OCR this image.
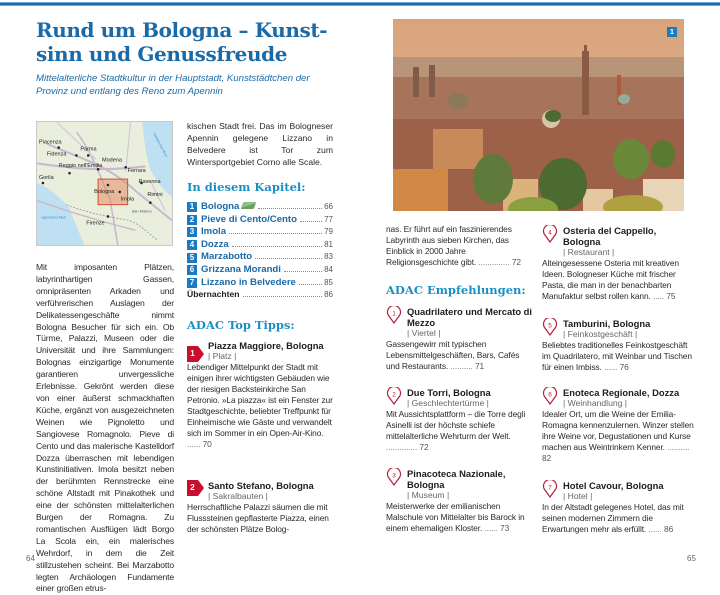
Rund um Bologna – Kunstsinn und Genussfreude

Mittelalterliche Stadtkultur in der Hauptstadt, Kunststädtchen der Provinz und entlang des Reno zum Apennin

Piacenza
Fidenza
Parma
Reggio nell'Emilia
Gorila
Modena
Ferrara
Bologna
Imola
Ravenna
Rimini
Firenze
San Marino
Ligurisches Meer
Adriatisches Meer

Mit imposanten Plätzen, labyrinthartigen Gassen, omnipräsenten Arkaden und verführerischen Auslagen der Delikatessengeschäfte nimmt Bologna Besucher für sich ein. Ob Türme, Palazzi, Museen oder die Universität und ihre Sammlungen: Bolognas einzigartige Monumente garantieren unvergessliche Erlebnisse. Gekrönt werden diese von einer äußerst schmackhaften Küche, ergänzt von ausgezeichneten Weinen wie Pignoletto und Sangiovese Romagnolo. Pieve di Cento und das malerische Kastelldorf Dozza überraschen mit lebendigen Kunstinitiativen. Imola besitzt neben der berühmten Rennstrecke eine schöne Altstadt mit Pinakothek und eine der schönsten mittelalterlichen Burgen der Romagna. Zu romantischen Ausflügen lädt Borgo La Scola ein, ein malerisches Wehrdorf, in dem die Zeit stillzustehen scheint. Bei Marzabotto legten Archäologen Fundamente einer großen etrus-

kischen Stadt frei. Das im Bologneser Apennin gelegene Lizzano in Belvedere ist Tor zum Wintersportgebiet Corno alle Scale.

In diesem Kapitel:
1 Bologna	66
2 Pieve di Cento/Cento	77
3 Imola	79
4 Dozza	81
5 Marzabotto	83
6 Grizzana Morandi	84
7 Lizzano in Belvedere	85
Übernachten	86
ADAC Top Tipps:
1
Piazza Maggiore, Bologna
| Platz |

Lebendiger Mittelpunkt der Stadt mit einigen ihrer wichtigsten Gebäuden wie der riesigen Backsteinkirche San Petronio. »La piazza« ist ein Fenster zur Stadtgeschichte, beliebter Treffpunkt für Einheimische wie Gäste und verwandelt sich im Sommer in ein Open-Air-Kino. ...... 70

2	Santo Stefano, Bologna
| Sakralbauten |

Herrschaftliche Palazzi säumen die mit Flusssteinen gepflasterte Piazza, einen der schönsten Plätze Bolog-

64
1

nas. Er führt auf ein faszinierendes Labyrinth aus sieben Kirchen, das Einblick in 2000 Jahre Religionsgeschichte gibt. .............. 72

ADAC Empfehlungen:
1 Quadrilatero und Mercato di Mezzo
| Viertel |

Gassengewirr mit typischen Lebensmittelgeschäften, Bars, Cafés und Restaurants. .......... 71

2 Due Torri, Bologna
| Geschlechtertürme |

Mit Aussichtsplattform – die Torre degli Asinelli ist der höchste schiefe mittelalterliche Wehrturm der Welt. .............. 72

3 Pinacoteca Nazionale, Bologna
| Museum |

Meisterwerke der emilianischen Malschule von Mittelalter bis Barock in einem ehemaligen Kloster. ...... 73

4 Osteria del Cappello, Bologna
| Restaurant |

Alteingesessene Osteria mit kreativen Ideen. Bologneser Küche mit frischer Pasta, die man in der benachbarten Manufaktur selbst rollen kann. ..... 75

5 Tamburini, Bologna
| Feinkostgeschäft |

Beliebtes traditionelles Feinkostgeschäft im Quadrilatero, mit Weinbar und Tischen für einen Imbiss. ...... 76

6 Enoteca Regionale, Dozza
| Weinhandlung |

Idealer Ort, um die Weine der Emilia-Romagna kennenzulernen. Winzer stellen ihre Weine vor, Degustationen und Kurse machen aus Weintrinkern Kenner. .......... 82

7 Hotel Cavour, Bologna
| Hotel |

In der Altstadt gelegenes Hotel, das mit seinen modernen Zimmern die Erwartungen mehr als erfüllt. ...... 86

65
